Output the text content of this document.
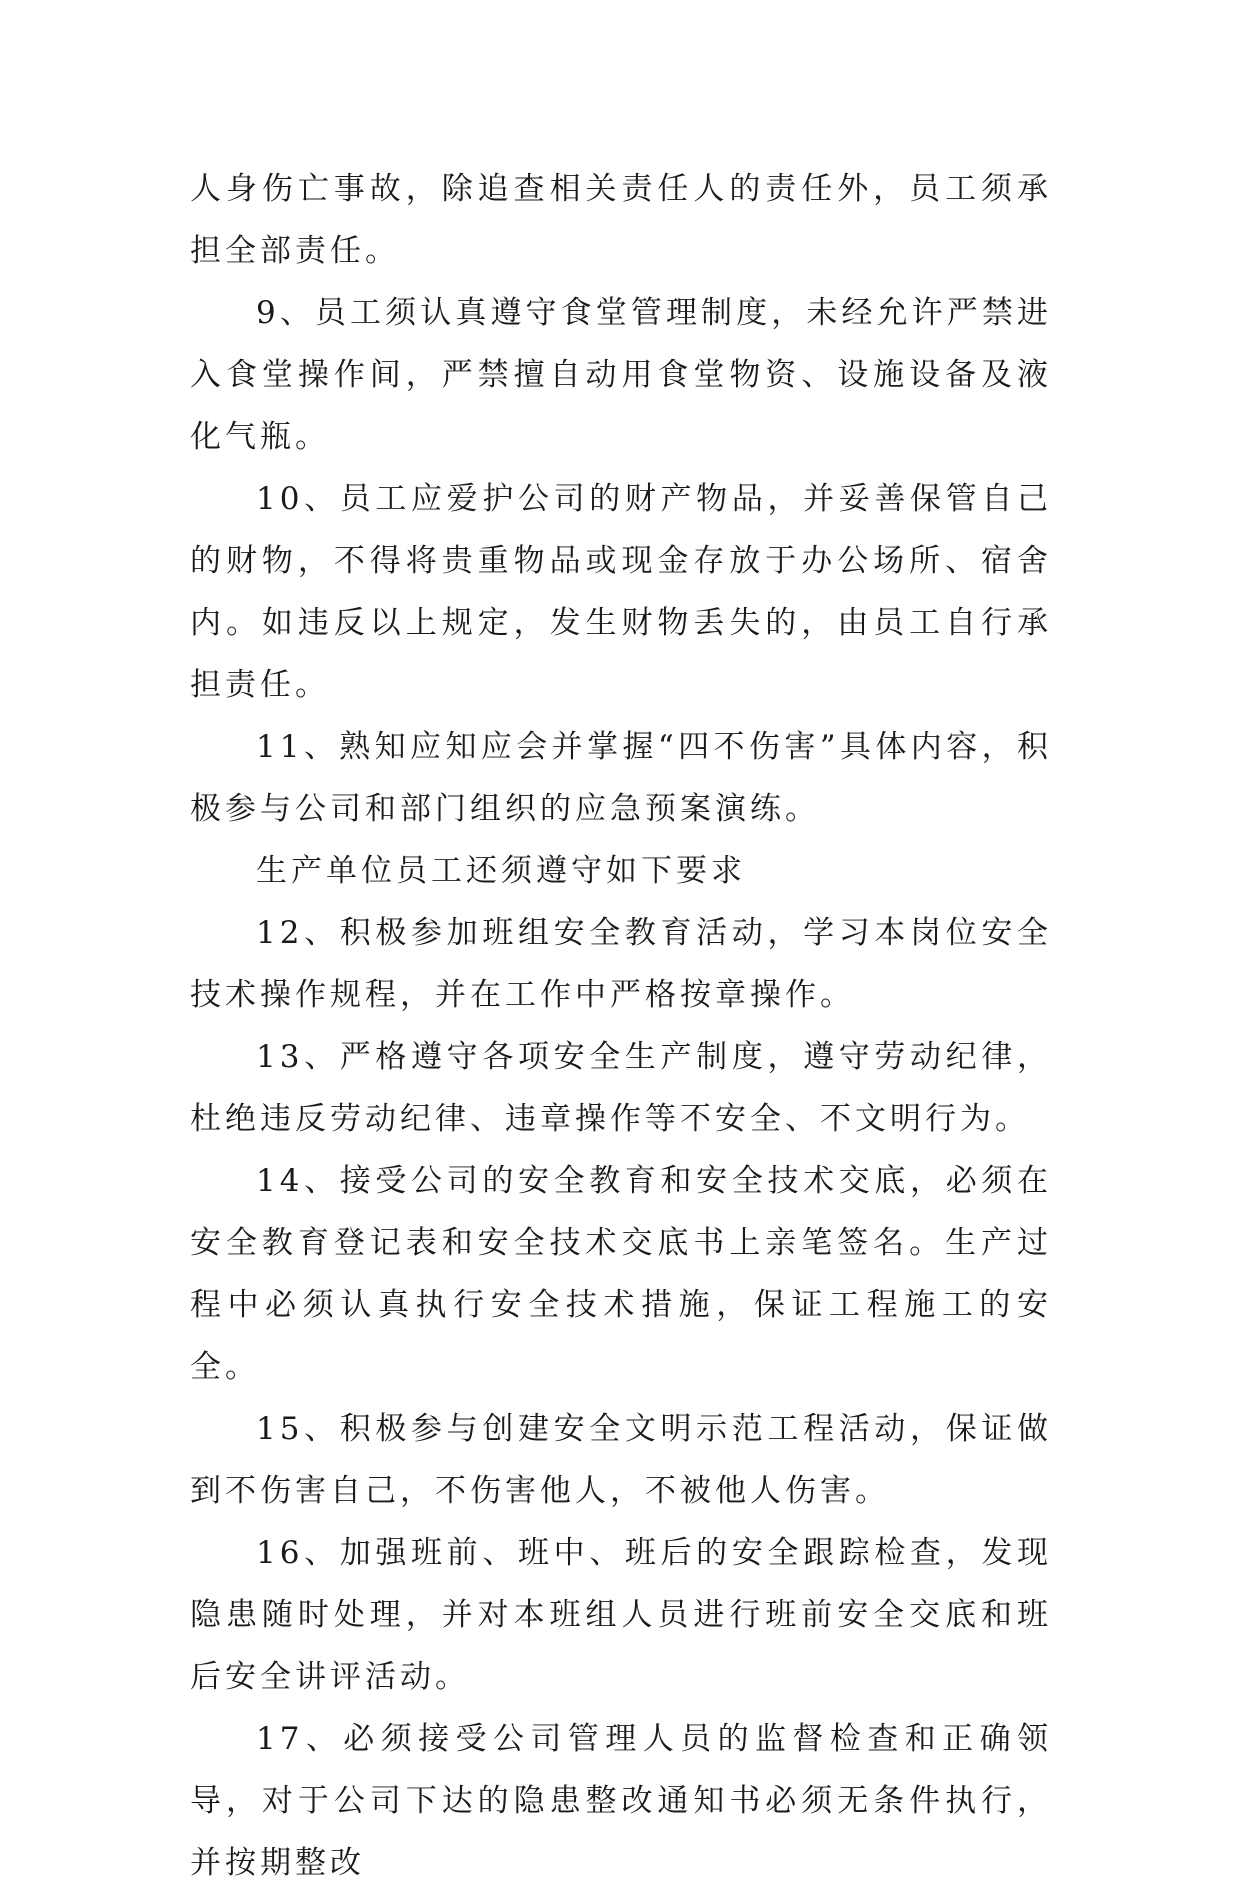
人身伤亡事故，除追查相关责任人的责任外，员工须承担全部责任。

9、员工须认真遵守食堂管理制度，未经允许严禁进入食堂操作间，严禁擅自动用食堂物资、设施设备及液化气瓶。

10、员工应爱护公司的财产物品，并妥善保管自己的财物，不得将贵重物品或现金存放于办公场所、宿舍内。如违反以上规定，发生财物丢失的，由员工自行承担责任。

11、熟知应知应会并掌握“四不伤害”具体内容，积极参与公司和部门组织的应急预案演练。

生产单位员工还须遵守如下要求

12、积极参加班组安全教育活动，学习本岗位安全技术操作规程，并在工作中严格按章操作。

13、严格遵守各项安全生产制度，遵守劳动纪律，杜绝违反劳动纪律、违章操作等不安全、不文明行为。

14、接受公司的安全教育和安全技术交底，必须在安全教育登记表和安全技术交底书上亲笔签名。生产过程中必须认真执行安全技术措施，保证工程施工的安全。

15、积极参与创建安全文明示范工程活动，保证做到不伤害自己，不伤害他人，不被他人伤害。

16、加强班前、班中、班后的安全跟踪检查，发现隐患随时处理，并对本班组人员进行班前安全交底和班后安全讲评活动。

17、必须接受公司管理人员的监督检查和正确领导，对于公司下达的隐患整改通知书必须无条件执行，并按期整改
